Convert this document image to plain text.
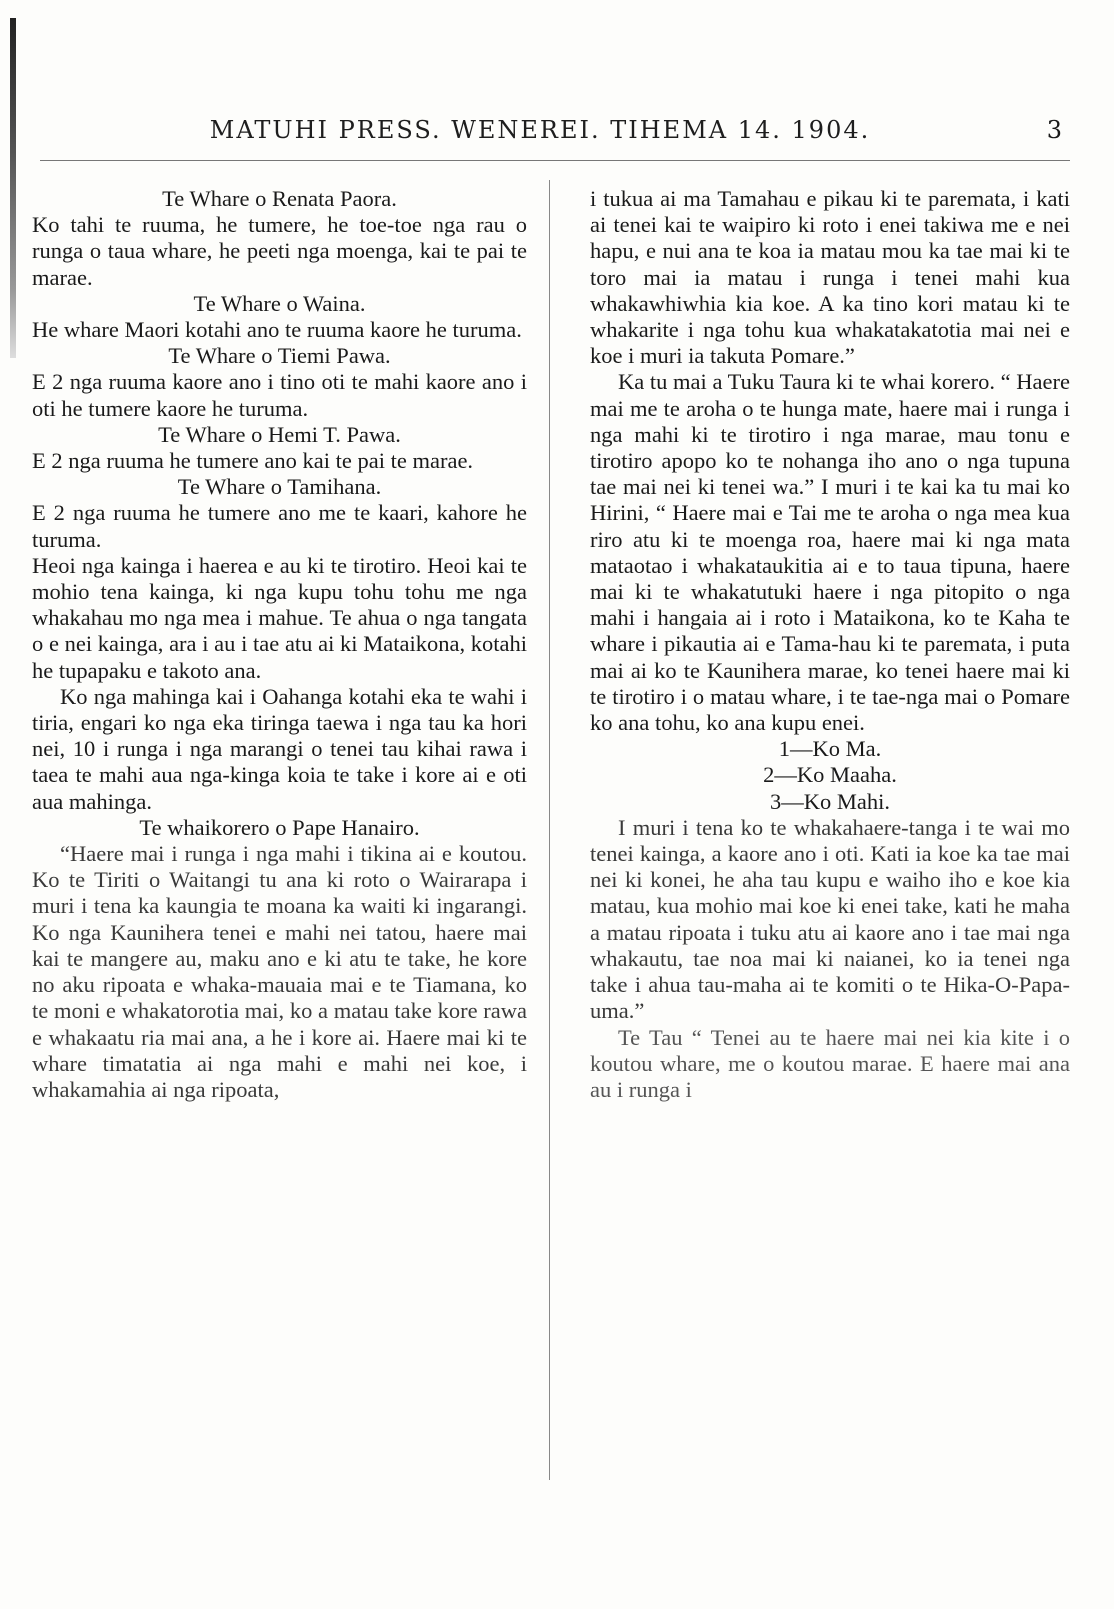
MATUHI PRESS. WENEREI. TIHEMA 14. 1904.	3
Te Whare o Renata Paora.

Ko tahi te ruuma, he tumere, he toe-toe nga rau o runga o taua whare, he peeti nga moenga, kai te pai te marae.

Te Whare o Waina.

He whare Maori kotahi ano te ruuma kaore he turuma.

Te Whare o Tiemi Pawa.

E 2 nga ruuma kaore ano i tino oti te mahi kaore ano i oti he tumere kaore he turuma.

Te Whare o Hemi T. Pawa.

E 2 nga ruuma he tumere ano kai te pai te marae.

Te Whare o Tamihana.

E 2 nga ruuma he tumere ano me te kaari, kahore he turuma.

Heoi nga kainga i haerea e au ki te tirotiro. Heoi kai te mohio tena kainga, ki nga kupu tohu tohu me nga whakahau mo nga mea i mahue. Te ahua o nga tangata o e nei kainga, ara i au i tae atu ai ki Mataikona, kotahi he tupapaku e takoto ana.

Ko nga mahinga kai i Oahanga kotahi eka te wahi i tiria, engari ko nga eka tiringa taewa i nga tau ka hori nei, 10 i runga i nga marangi o tenei tau kihai rawa i taea te mahi aua nga-kinga koia te take i kore ai e oti aua mahinga.

Te whaikorero o Pape Hanairo.

“Haere mai i runga i nga mahi i tikina ai e koutou. Ko te Tiriti o Waitangi tu ana ki roto o Wairarapa i muri i tena ka kaungia te moana ka waiti ki ingarangi. Ko nga Kaunihera tenei e mahi nei tatou, haere mai kai te mangere au, maku ano e ki atu te take, he kore no aku ripoata e whaka-mauaia mai e te Tiamana, ko te moni e whakatorotia mai, ko a matau take kore rawa e whakaatu ria mai ana, a he i kore ai. Haere mai ki te whare timatatia ai nga mahi e mahi nei koe, i whakamahia ai nga ripoata,

i tukua ai ma Tamahau e pikau ki te paremata, i kati ai tenei kai te waipiro ki roto i enei takiwa me e nei hapu, e nui ana te koa ia matau mou ka tae mai ki te toro mai ia matau i runga i tenei mahi kua whakawhiwhia kia koe. A ka tino kori matau ki te whakarite i nga tohu kua whakatakatotia mai nei e koe i muri ia takuta Pomare.”

Ka tu mai a Tuku Taura ki te whai korero. “ Haere mai me te aroha o te hunga mate, haere mai i runga i nga mahi ki te tirotiro i nga marae, mau tonu e tirotiro apopo ko te nohanga iho ano o nga tupuna tae mai nei ki tenei wa.” I muri i te kai ka tu mai ko Hirini, “ Haere mai e Tai me te aroha o nga mea kua riro atu ki te moenga roa, haere mai ki nga mata mataotao i whakataukitia ai e to taua tipuna, haere mai ki te whakatutuki haere i nga pitopito o nga mahi i hangaia ai i roto i Mataikona, ko te Kaha te whare i pikautia ai e Tama-hau ki te paremata, i puta mai ai ko te Kaunihera marae, ko tenei haere mai ki te tirotiro i o matau whare, i te tae-nga mai o Pomare ko ana tohu, ko ana kupu enei.

1—Ko Ma.
2—Ko Maaha.
3—Ko Mahi.

I muri i tena ko te whakahaere-tanga i te wai mo tenei kainga, a kaore ano i oti. Kati ia koe ka tae mai nei ki konei, he aha tau kupu e waiho iho e koe kia matau, kua mohio mai koe ki enei take, kati he maha a matau ripoata i tuku atu ai kaore ano i tae mai nga whakautu, tae noa mai ki naianei, ko ia tenei nga take i ahua tau-maha ai te komiti o te Hika-O-Papa-uma.”

Te Tau “ Tenei au te haere mai nei kia kite i o koutou whare, me o koutou marae. E haere mai ana au i runga i
